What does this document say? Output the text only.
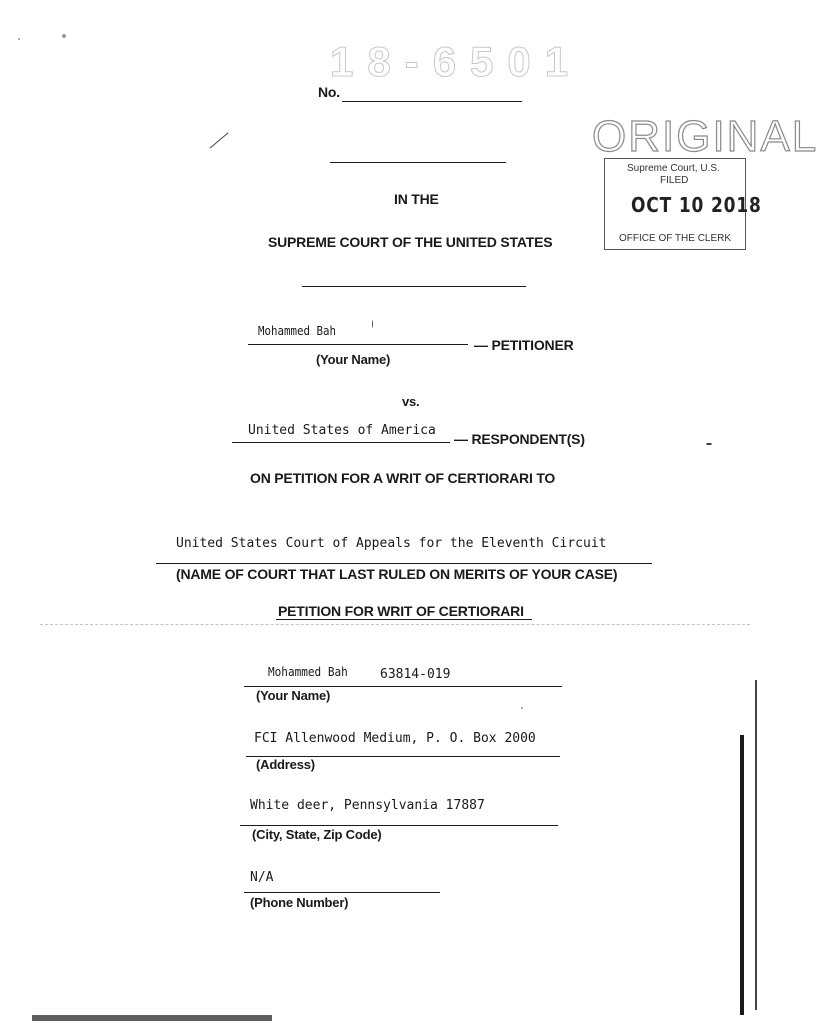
18-6501
No.
ORIGINAL
Supreme Court, U.S.
FILED
OCT 10 2018
OFFICE OF THE CLERK
IN THE
SUPREME COURT OF THE UNITED STATES
Mohammed Bah
— PETITIONER
(Your Name)
vs.
United States of America
— RESPONDENT(S)
ON PETITION FOR A WRIT OF CERTIORARI TO
United States Court of Appeals for the Eleventh Circuit
(NAME OF COURT THAT LAST RULED ON MERITS OF YOUR CASE)
PETITION FOR WRIT OF CERTIORARI
Mohammed Bah 63814-019
(Your Name)
FCI Allenwood Medium, P. O. Box 2000
(Address)
White deer, Pennsylvania 17887
(City, State, Zip Code)
N/A
(Phone Number)
